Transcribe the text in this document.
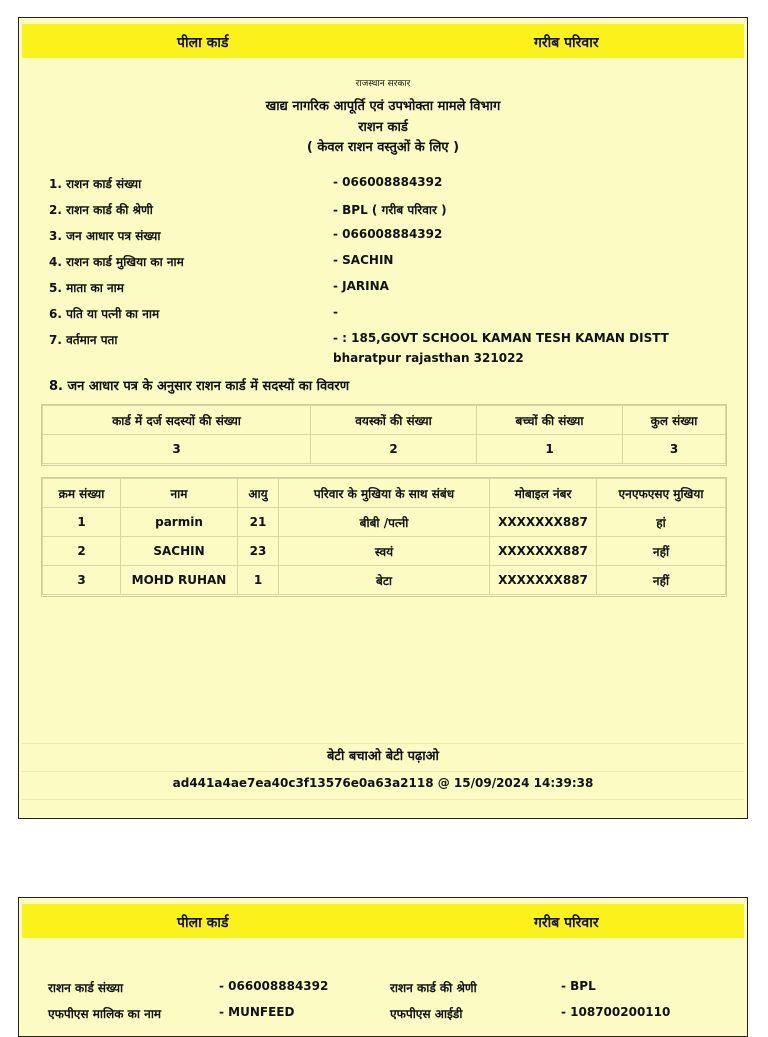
पीला कार्ड	गरीब परिवार
राजस्थान सरकार
खाद्य नागरिक आपूर्ति एवं उपभोक्ता मामले विभाग
राशन कार्ड
( केवल राशन वस्तुओं के लिए )
1. राशन कार्ड संख्या	- 066008884392
2. राशन कार्ड की श्रेणी	- BPL ( गरीब परिवार )
3. जन आधार पत्र संख्या	- 066008884392
4. राशन कार्ड मुखिया का नाम	- SACHIN
5. माता का नाम	- JARINA
6. पति या पत्नी का नाम	-
7. वर्तमान पता	- : 185,GOVT SCHOOL KAMAN TESH KAMAN DISTT bharatpur rajasthan 321022
8. जन आधार पत्र के अनुसार राशन कार्ड में सदस्यों का विवरण
कार्ड में दर्ज सदस्यों की संख्या	वयस्कों की संख्या	बच्चों की संख्या	कुल संख्या
3	2	1	3
क्रम संख्या	नाम	आयु	परिवार के मुखिया के साथ संबंध	मोबाइल नंबर	एनएफएसए मुखिया
1	parmin	21	बीबी /पत्नी	XXXXXXX887	हां
2	SACHIN	23	स्वयं	XXXXXXX887	नहीं
3	MOHD RUHAN	1	बेटा	XXXXXXX887	नहीं
बेटी बचाओ बेटी पढ़ाओ
ad441a4ae7ea40c3f13576e0a63a2118 @ 15/09/2024 14:39:38
पीला कार्ड	गरीब परिवार
राशन कार्ड संख्या	- 066008884392	राशन कार्ड की श्रेणी	- BPL
एफपीएस मालिक का नाम	- MUNFEED	एफपीएस आईडी	- 108700200110
